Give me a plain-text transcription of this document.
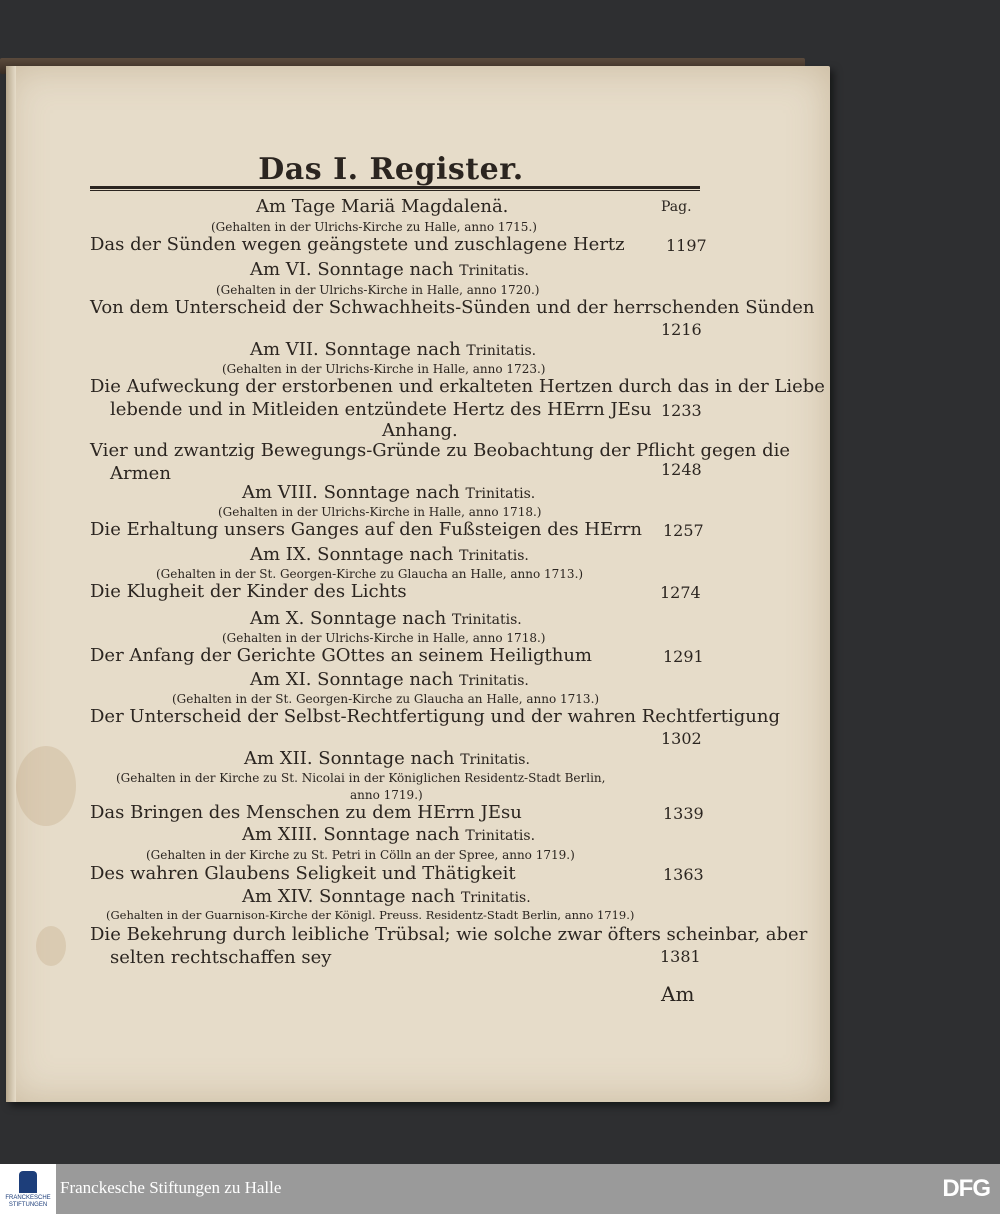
Das I. Register.
Am Tage Mariä Magdalenä.	Pag.
(Gehalten in der Ulrichs-Kirche zu Halle, anno 1715.)
Das der Sünden wegen geängstete und zuschlagene Hertz	1197
Am VI. Sonntage nach Trinitatis.
(Gehalten in der Ulrichs-Kirche in Halle, anno 1720.)
Von dem Unterscheid der Schwachheits-Sünden und der herrschenden Sünden
1216
Am VII. Sonntage nach Trinitatis.
(Gehalten in der Ulrichs-Kirche in Halle, anno 1723.)
Die Aufweckung der erstorbenen und erkalteten Hertzen durch das in der Liebe
lebende und in Mitleiden entzündete Hertz des HErrn JEsu 1233
Anhang.
Vier und zwantzig Bewegungs-Gründe zu Beobachtung der Pflicht gegen die
Armen	1248
Am VIII. Sonntage nach Trinitatis.
(Gehalten in der Ulrichs-Kirche in Halle, anno 1718.)
Die Erhaltung unsers Ganges auf den Fußsteigen des HErrn 1257
Am IX. Sonntage nach Trinitatis.
(Gehalten in der St. Georgen-Kirche zu Glaucha an Halle, anno 1713.)
Die Klugheit der Kinder des Lichts	1274
Am X. Sonntage nach Trinitatis.
(Gehalten in der Ulrichs-Kirche in Halle, anno 1718.)
Der Anfang der Gerichte GOttes an seinem Heiligthum	1291
Am XI. Sonntage nach Trinitatis.
(Gehalten in der St. Georgen-Kirche zu Glaucha an Halle, anno 1713.)
Der Unterscheid der Selbst-Rechtfertigung und der wahren Rechtfertigung
1302
Am XII. Sonntage nach Trinitatis.
(Gehalten in der Kirche zu St. Nicolai in der Königlichen Residentz-Stadt Berlin,
anno 1719.)
Das Bringen des Menschen zu dem HErrn JEsu	1339
Am XIII. Sonntage nach Trinitatis.
(Gehalten in der Kirche zu St. Petri in Cölln an der Spree, anno 1719.)
Des wahren Glaubens Seligkeit und Thätigkeit	1363
Am XIV. Sonntage nach Trinitatis.
(Gehalten in der Guarnison-Kirche der Königl. Preuss. Residentz-Stadt Berlin, anno 1719.)
Die Bekehrung durch leibliche Trübsal; wie solche zwar öfters scheinbar, aber
selten rechtschaffen sey	1381
Am
FRANCKESCHE
STIFTUNGEN
Franckesche Stiftungen zu Halle	DFG
